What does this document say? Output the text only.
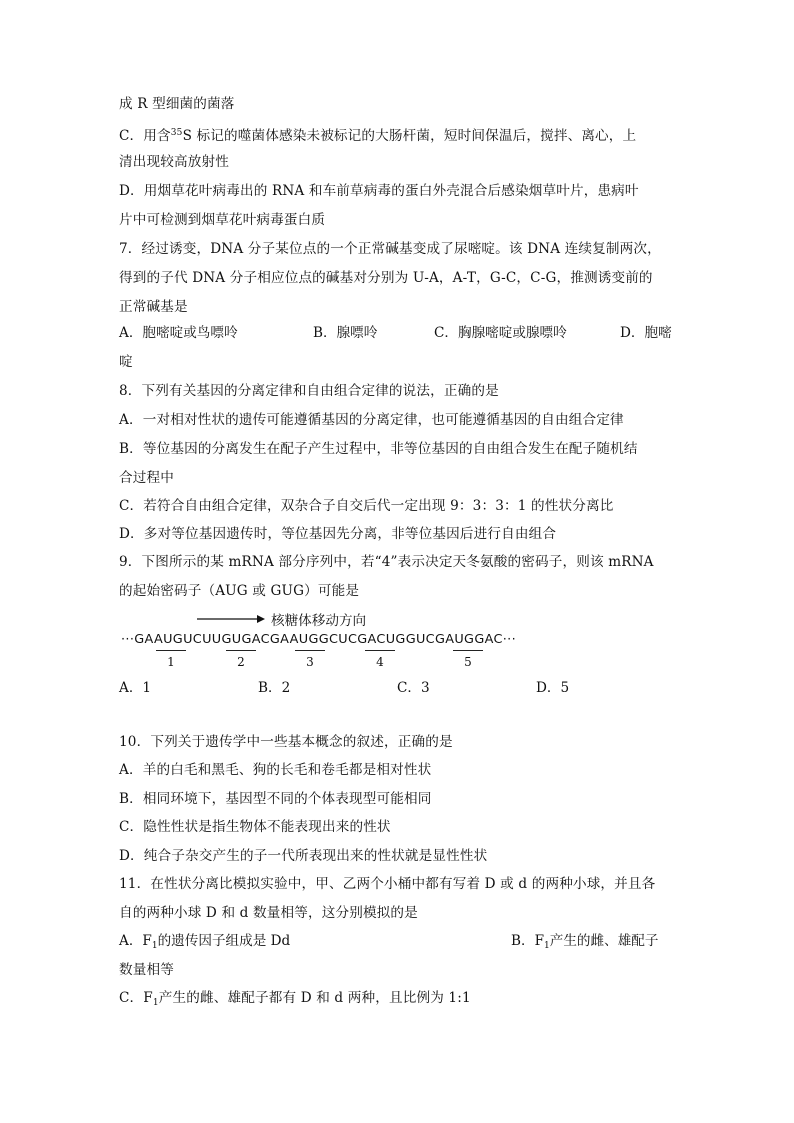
成 R 型细菌的菌落
C．用含$^{35}$S 标记的噬菌体感染未被标记的大肠杆菌，短时间保温后，搅拌、离心，上
清出现较高放射性
D．用烟草花叶病毒出的 RNA 和车前草病毒的蛋白外壳混合后感染烟草叶片，患病叶
片中可检测到烟草花叶病毒蛋白质
7．经过诱变，DNA 分子某位点的一个正常碱基变成了尿嘧啶。该 DNA 连续复制两次，
得到的子代 DNA 分子相应位点的碱基对分别为 U-A，A-T，G-C，C-G，推测诱变前的
正常碱基是
A．胞嘧啶或鸟嘌呤	B．腺嘌呤	C．胸腺嘧啶或腺嘌呤	D．胞嘧
啶
8．下列有关基因的分离定律和自由组合定律的说法，正确的是
A．一对相对性状的遗传可能遵循基因的分离定律，也可能遵循基因的自由组合定律
B．等位基因的分离发生在配子产生过程中，非等位基因的自由组合发生在配子随机结
合过程中
C．若符合自由组合定律，双杂合子自交后代一定出现 9：3：3：1 的性状分离比
D．多对等位基因遗传时，等位基因先分离，非等位基因后进行自由组合
9．下图所示的某 mRNA 部分序列中，若“4”表示决定天冬氨酸的密码子，则该 mRNA
的起始密码子（AUG 或 GUG）可能是
核糖体移动方向
···GAAUGUCUUGUGACGAAUGGCUCGACUGGUCGAUGGAC···
1	2	3	4	5
A．1	B．2	C．3	D．5
10．下列关于遗传学中一些基本概念的叙述，正确的是
A．羊的白毛和黑毛、狗的长毛和卷毛都是相对性状
B．相同环境下，基因型不同的个体表现型可能相同
C．隐性性状是指生物体不能表现出来的性状
D．纯合子杂交产生的子一代所表现出来的性状就是显性性状
11．在性状分离比模拟实验中，甲、乙两个小桶中都有写着 D 或 d 的两种小球，并且各
自的两种小球 D 和 d 数量相等，这分别模拟的是
A．$F_1$的遗传因子组成是 Dd	B．$F_1$产生的雌、雄配子
数量相等
C．$F_1$产生的雌、雄配子都有 D 和 d 两种，且比例为 1:1
